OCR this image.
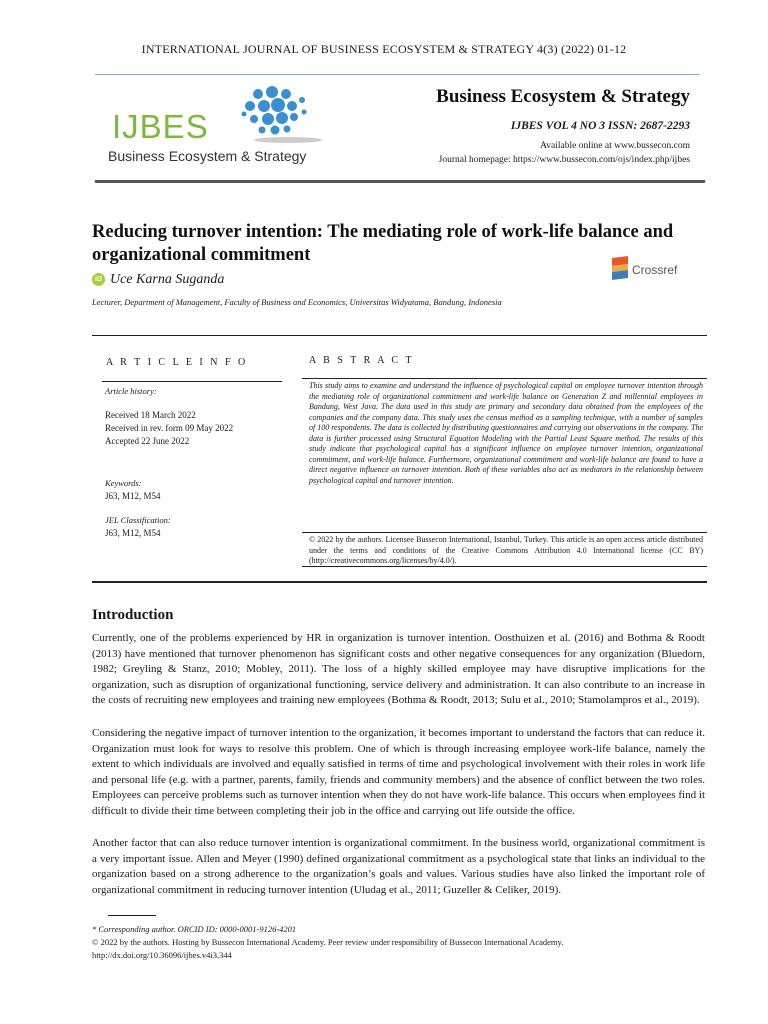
INTERNATIONAL JOURNAL OF BUSINESS ECOSYSTEM & STRATEGY 4(3) (2022) 01-12
IJBES
Business Ecosystem & Strategy
Business Ecosystem & Strategy
IJBES VOL 4 NO 3 ISSN: 2687-2293
Available online at www.bussecon.com
Journal homepage: https://www.bussecon.com/ojs/index.php/ijbes
Reducing turnover intention: The mediating role of work-life balance and organizational commitment
iD Uce Karna Suganda
Lecturer, Department of Management, Faculty of Business and Economics, Universitas Widyatama, Bandung, Indonesia
Crossref
A R T I C L E I N F O	A B S T R A C T
Article history:
Received 18 March 2022
Received in rev. form 09 May 2022
Accepted 22 June 2022
Keywords:
J63, M12, M54
JEL Classification:
J63, M12, M54
This study aims to examine and understand the influence of psychological capital on employee turnover intention through the mediating role of organizational commitment and work-life balance on Generation Z and millennial employees in Bandung, West Java. The data used in this study are primary and secondary data obtained from the employees of the companies and the company data. This study uses the census method as a sampling technique, with a number of samples of 100 respondents. The data is collected by distributing questionnaires and carrying out observations in the company. The data is further processed using Structural Equation Modeling with the Partial Least Square method. The results of this study indicate that psychological capital has a significant influence on employee turnover intention, organizational commitment, and work-life balance. Furthermore, organizational commitment and work-life balance are found to have a direct negative influence on turnover intention. Both of these variables also act as mediators in the relationship between psychological capital and turnover intention.
© 2022 by the authors. Licensee Bussecon International, Istanbul, Turkey. This article is an open access article distributed under the terms and conditions of the Creative Commons Attribution 4.0 International license (CC BY) (http://creativecommons.org/licenses/by/4.0/).
Introduction
Currently, one of the problems experienced by HR in organization is turnover intention. Oosthuizen et al. (2016) and Bothma & Roodt (2013) have mentioned that turnover phenomenon has significant costs and other negative consequences for any organization (Bluedorn, 1982; Greyling & Stanz, 2010; Mobley, 2011). The loss of a highly skilled employee may have disruptive implications for the organization, such as disruption of organizational functioning, service delivery and administration. It can also contribute to an increase in the costs of recruiting new employees and training new employees (Bothma & Roodt, 2013; Sulu et al., 2010; Stamolampros et al., 2019).
Considering the negative impact of turnover intention to the organization, it becomes important to understand the factors that can reduce it. Organization must look for ways to resolve this problem. One of which is through increasing employee work-life balance, namely the extent to which individuals are involved and equally satisfied in terms of time and psychological involvement with their roles in work life and personal life (e.g. with a partner, parents, family, friends and community members) and the absence of conflict between the two roles. Employees can perceive problems such as turnover intention when they do not have work-life balance. This occurs when employees find it difficult to divide their time between completing their job in the office and carrying out life outside the office.
Another factor that can also reduce turnover intention is organizational commitment. In the business world, organizational commitment is a very important issue. Allen and Meyer (1990) defined organizational commitment as a psychological state that links an individual to the organization based on a strong adherence to the organization’s goals and values. Various studies have also linked the important role of organizational commitment in reducing turnover intention (Uludag et al., 2011; Guzeller & Celiker, 2019).
* Corresponding author. ORCID ID: 0000-0001-9126-4201
© 2022 by the authors. Hosting by Bussecon International Academy. Peer review under responsibility of Bussecon International Academy.
http://dx.doi.org/10.36096/ijbes.v4i3.344
